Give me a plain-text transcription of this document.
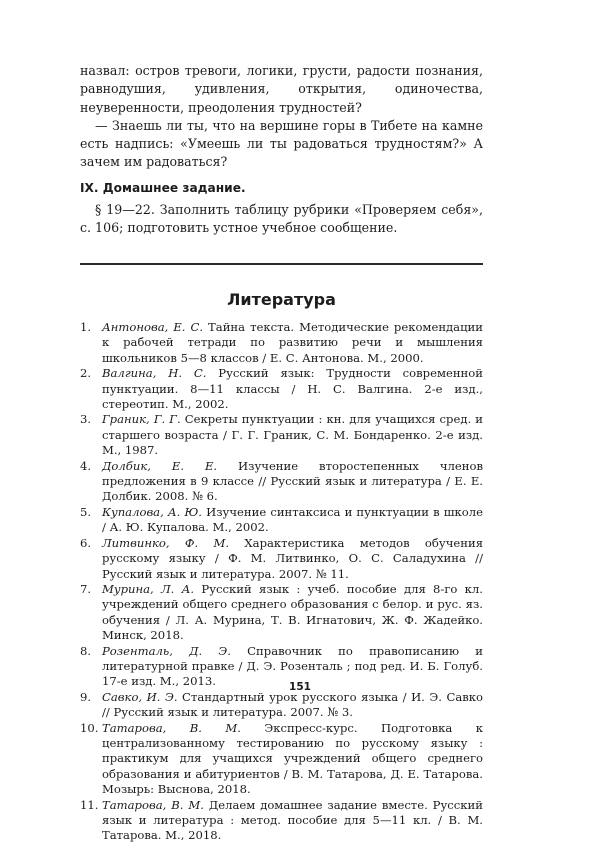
назвал: остров тревоги, логики, грусти, радости познания, равнодушия, удивления, открытия, одиночества, неуверенности, преодоления трудностей?

— Знаешь ли ты, что на вершине горы в Тибете на камне есть надпись: «Умеешь ли ты радоваться трудностям?» А зачем им радоваться?

IX. Домашнее задание.

§ 19—22. Заполнить таблицу рубрики «Проверяем себя», с. 106; подготовить устное учебное сообщение.

Литература
1. Антонова, Е. С. Тайна текста. Методические рекомендации к рабочей тетради по развитию речи и мышления школьников 5—8 классов / Е. С. Антонова. М., 2000.
2. Валгина, Н. С. Русский язык: Трудности современной пунктуации. 8—11 классы / Н. С. Валгина. 2-е изд., стереотип. М., 2002.
3. Граник, Г. Г. Секреты пунктуации : кн. для учащихся сред. и старшего возраста / Г. Г. Граник, С. М. Бондаренко. 2-е изд. М., 1987.
4. Долбик, Е. Е. Изучение второстепенных членов предложения в 9 классе // Русский язык и литература / Е. Е. Долбик. 2008. № 6.
5. Купалова, А. Ю. Изучение синтаксиса и пунктуации в школе / А. Ю. Купалова. М., 2002.
6. Литвинко, Ф. М. Характеристика методов обучения русскому языку / Ф. М. Литвинко, О. С. Саладухина // Русский язык и литература. 2007. № 11.
7. Мурина, Л. А. Русский язык : учеб. пособие для 8-го кл. учреждений общего среднего образования с белор. и рус. яз. обучения / Л. А. Мурина, Т. В. Игнатович, Ж. Ф. Жадейко. Минск, 2018.
8. Розенталь, Д. Э. Справочник по правописанию и литературной правке / Д. Э. Розенталь ; под ред. И. Б. Голуб. 17-е изд. М., 2013.
9. Савко, И. Э. Стандартный урок русского языка / И. Э. Савко // Русский язык и литература. 2007. № 3.
10. Татарова, В. М. Экспресс-курс. Подготовка к централизованному тестированию по русскому языку : практикум для учащихся учреждений общего среднего образования и абитуриентов / В. М. Татарова, Д. Е. Татарова. Мозырь: Выснова, 2018.
11. Татарова, В. М. Делаем домашнее задание вместе. Русский язык и литература : метод. пособие для 5—11 кл. / В. М. Татарова. М., 2018.
151
